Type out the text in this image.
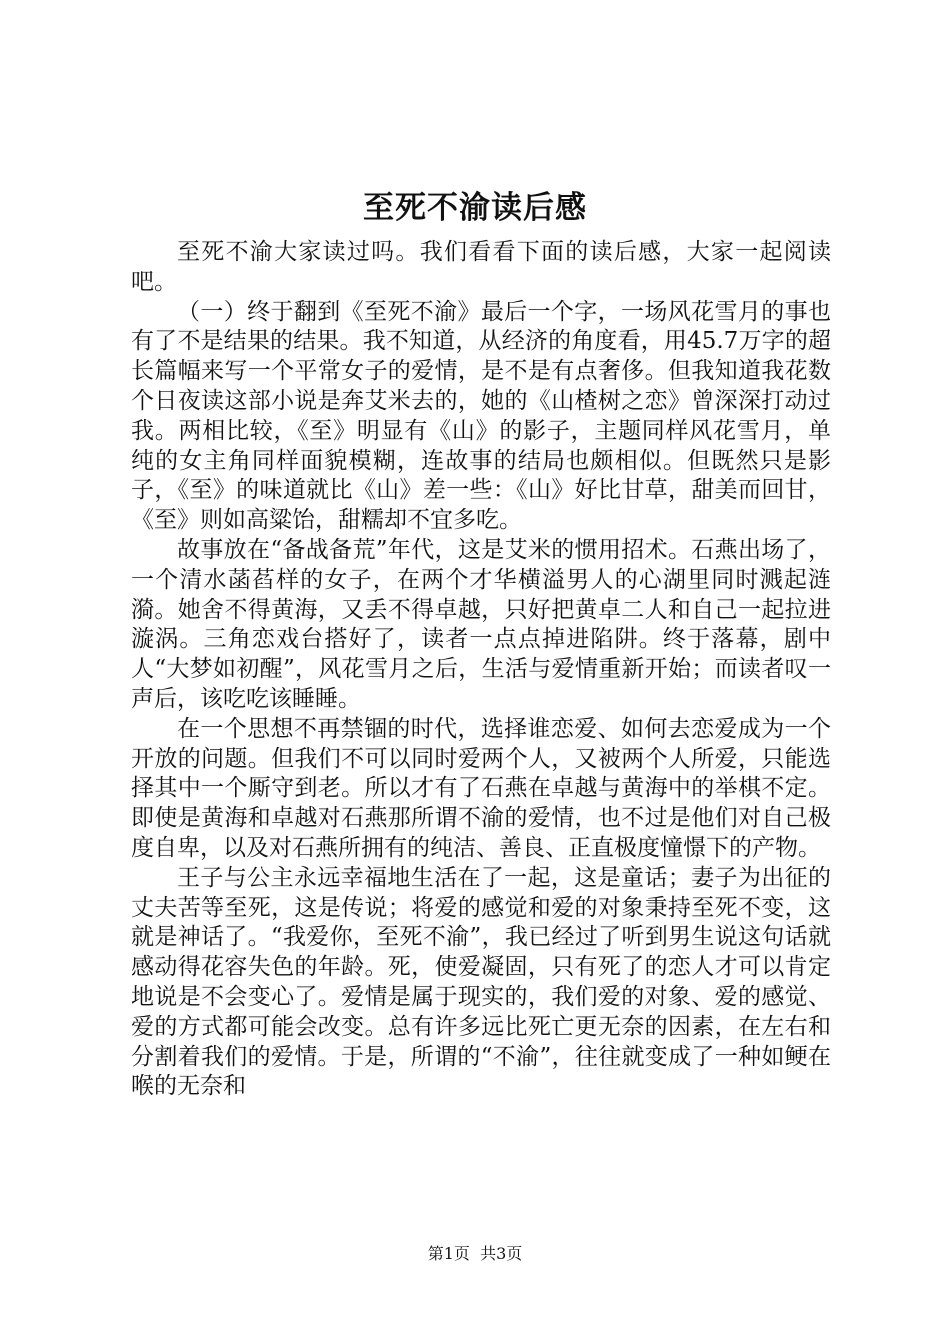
至死不渝读后感

至死不渝大家读过吗。我们看看下面的读后感，大家一起阅读吧。

（一）终于翻到《至死不渝》最后一个字，一场风花雪月的事也有了不是结果的结果。我不知道，从经济的角度看，用45.7万字的超长篇幅来写一个平常女子的爱情，是不是有点奢侈。但我知道我花数个日夜读这部小说是奔艾米去的，她的《山楂树之恋》曾深深打动过我。两相比较，《至》明显有《山》的影子，主题同样风花雪月，单纯的女主角同样面貌模糊，连故事的结局也颇相似。但既然只是影子，《至》的味道就比《山》差一些：《山》好比甘草，甜美而回甘，《至》则如高粱饴，甜糯却不宜多吃。

故事放在“备战备荒”年代，这是艾米的惯用招术。石燕出场了，一个清水菡萏样的女子，在两个才华横溢男人的心湖里同时溅起涟漪。她舍不得黄海，又丢不得卓越，只好把黄卓二人和自己一起拉进漩涡。三角恋戏台搭好了，读者一点点掉进陷阱。终于落幕，剧中人“大梦如初醒”，风花雪月之后，生活与爱情重新开始；而读者叹一声后，该吃吃该睡睡。

在一个思想不再禁锢的时代，选择谁恋爱、如何去恋爱成为一个开放的问题。但我们不可以同时爱两个人，又被两个人所爱，只能选择其中一个厮守到老。所以才有了石燕在卓越与黄海中的举棋不定。即使是黄海和卓越对石燕那所谓不渝的爱情，也不过是他们对自己极度自卑，以及对石燕所拥有的纯洁、善良、正直极度憧憬下的产物。

王子与公主永远幸福地生活在了一起，这是童话；妻子为出征的丈夫苦等至死，这是传说；将爱的感觉和爱的对象秉持至死不变，这就是神话了。“我爱你，至死不渝”，我已经过了听到男生说这句话就感动得花容失色的年龄。死，使爱凝固，只有死了的恋人才可以肯定地说是不会变心了。爱情是属于现实的，我们爱的对象、爱的感觉、爱的方式都可能会改变。总有许多远比死亡更无奈的因素，在左右和分割着我们的爱情。于是，所谓的“不渝”，往往就变成了一种如鲠在喉的无奈和

第1页  共3页
